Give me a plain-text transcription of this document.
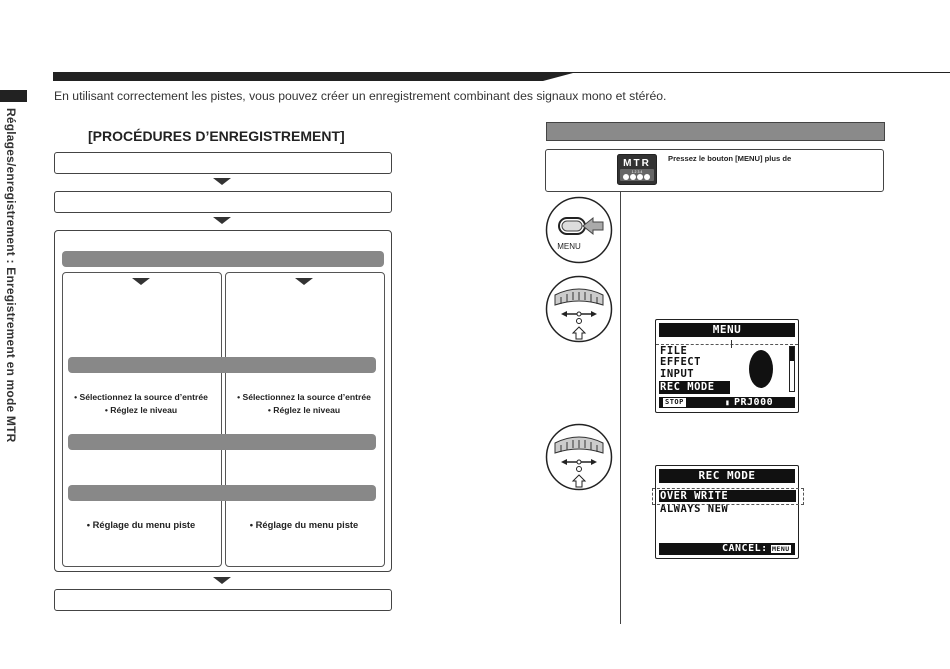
En utilisant correctement les pistes, vous pouvez créer un enregistrement combinant des signaux mono et stéréo.
Réglages/enregistrement : Enregistrement en mode MTR	[PROCÉDURES D’ENREGISTREMENT]
• Sélectionnez la source d’entrée
• Réglez le niveau
• Réglage du menu piste
• Sélectionnez la source d’entrée
• Réglez le niveau
• Réglage du menu piste
MTR
1 2 3 4
Pressez le bouton [MENU] plus de
MENU
MENU
FILE
EFFECT
INPUT
REC MODE
STOP	▮ PRJ000
REC MODE
OVER WRITE
ALWAYS NEW
CANCEL: MENU
